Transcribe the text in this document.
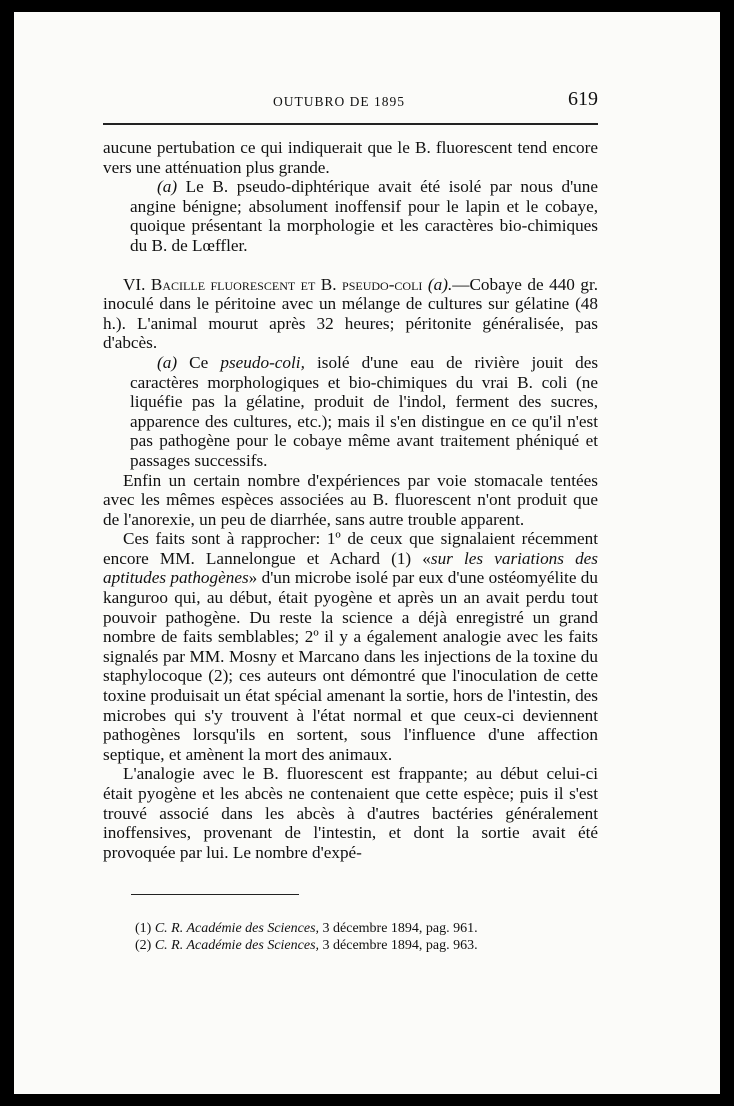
OUTUBRO DE 1895	619

aucune pertubation ce qui indiquerait que le B. fluorescent tend encore vers une atténuation plus grande.

(a) Le B. pseudo-diphtérique avait été isolé par nous d'une angine bénigne; absolument inoffensif pour le lapin et le cobaye, quoique présentant la morphologie et les caractères bio-chimiques du B. de Lœffler.

VI. Bacille fluorescent et B. pseudo-coli (a).—Cobaye de 440 gr. inoculé dans le péritoine avec un mélange de cultures sur gélatine (48 h.). L'animal mourut après 32 heures; péritonite généralisée, pas d'abcès.

(a) Ce pseudo-coli, isolé d'une eau de rivière jouit des caractères morphologiques et bio-chimiques du vrai B. coli (ne liquéfie pas la gélatine, produit de l'indol, ferment des sucres, apparence des cultures, etc.); mais il s'en distingue en ce qu'il n'est pas pathogène pour le cobaye même avant traitement phéniqué et passages successifs.

Enfin un certain nombre d'expériences par voie stomacale tentées avec les mêmes espèces associées au B. fluorescent n'ont produit que de l'anorexie, un peu de diarrhée, sans autre trouble apparent.

Ces faits sont à rapprocher: 1º de ceux que signalaient récemment encore MM. Lannelongue et Achard (1) «sur les variations des aptitudes pathogènes» d'un microbe isolé par eux d'une ostéomyélite du kanguroo qui, au début, était pyogène et après un an avait perdu tout pouvoir pathogène. Du reste la science a déjà enregistré un grand nombre de faits semblables; 2º il y a également analogie avec les faits signalés par MM. Mosny et Marcano dans les injections de la toxine du staphylocoque (2); ces auteurs ont démontré que l'inoculation de cette toxine produisait un état spécial amenant la sortie, hors de l'intestin, des microbes qui s'y trouvent à l'état normal et que ceux-ci deviennent pathogènes lorsqu'ils en sortent, sous l'influence d'une affection septique, et amènent la mort des animaux.

L'analogie avec le B. fluorescent est frappante; au début celui-ci était pyogène et les abcès ne contenaient que cette espèce; puis il s'est trouvé associé dans les abcès à d'autres bactéries généralement inoffensives, provenant de l'intestin, et dont la sortie avait été provoquée par lui. Le nombre d'expé-

(1) C. R. Académie des Sciences, 3 décembre 1894, pag. 961.

(2) C. R. Académie des Sciences, 3 décembre 1894, pag. 963.
